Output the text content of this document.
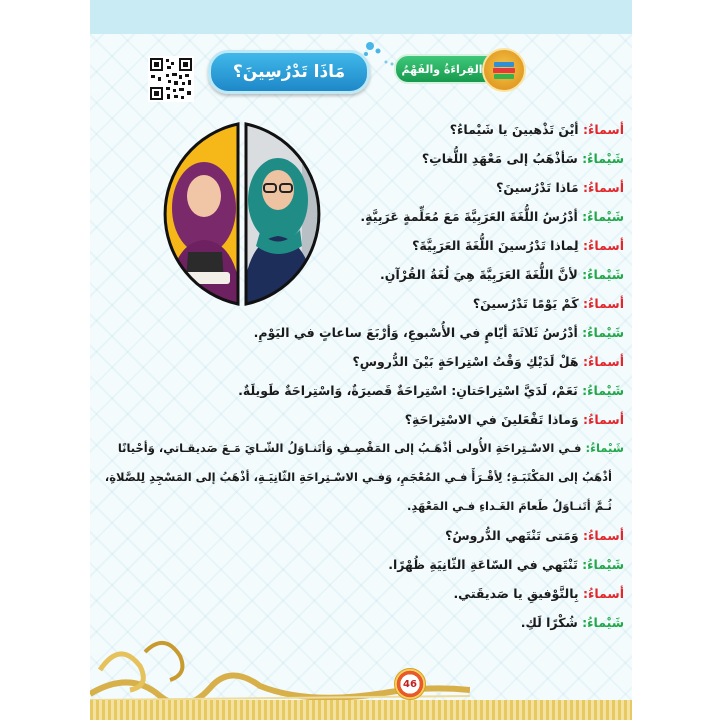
مَاذَا تَدْرُسِينَ؟	القِراءَةُ والفَهْمُ
أسماءُ: أيْنَ تَذْهبينَ يا شَيْماءُ؟
شَيْماءُ: سَأذْهَبُ إلى مَعْهَدِ اللُّغاتِ؟
أسماءُ: مَاذا تَدْرُسينَ؟
شَيْماءُ: أدْرُسُ اللُّغَةَ العَرَبِيَّةَ مَعَ مُعَلِّمةٍ عَرَبِيَّةٍ.
أسماءُ: لِماذا تَدْرُسينَ اللُّغَةَ العَرَبِيَّةَ؟
شَيْماءُ: لأنَّ اللُّغَةَ العَرَبِيَّةَ هِيَ لُغَةُ القُرْآنِ.
أسماءُ: كَمْ يَوْمًا تَدْرُسينَ؟
شَيْماءُ: أدْرُسُ ثَلاثَةَ أيّامٍ في الأُسْبوعِ، وَأرْبَعَ ساعاتٍ في اليَوْمِ.
أسماءُ: هَلْ لَدَيْكِ وَقْتُ اسْتِراحَةٍ بَيْنَ الدُّروسِ؟
شَيْماءُ: نَعَمْ، لَدَيَّ اسْتِراحَتانِ: اسْتِراحَةٌ قَصيرَةٌ، وَاسْتِراحَةٌ طَويلَةٌ.
أسماءُ: وَماذا تَفْعَلينَ في الاسْتِراحَةِ؟
شَيْماءُ: فـي الاسْـتِراحَةِ الأُولى أذْهَـبُ إلى المَقْصِـفِ وَأتَنـاوَلُ الشّـايَ مَـعَ صَديقـاتي، وَأحْيانًا
أذْهَبُ إلى المَكْتَبَـةِ؛ لِأقْـرَأَ فـي المُعْجَمِ، وَفـي الاسْـتِراحَةِ الثّانِيَـةِ، أذْهَبُ إلى المَسْجِدِ لِلصَّلاةِ،
ثُـمَّ أتَنـاوَلُ طَعامَ الغَـداءِ فـي المَعْهَدِ.
أسماءُ: وَمَتى تَنْتَهي الدُّروسُ؟
شَيْماءُ: تَنْتَهي في السّاعَةِ الثّانِيَةِ ظُهْرًا.
أسماءُ: بِالتَّوْفيقِ يا صَديقَتي.
شَيْماءُ: شُكْرًا لَكِ.
46
